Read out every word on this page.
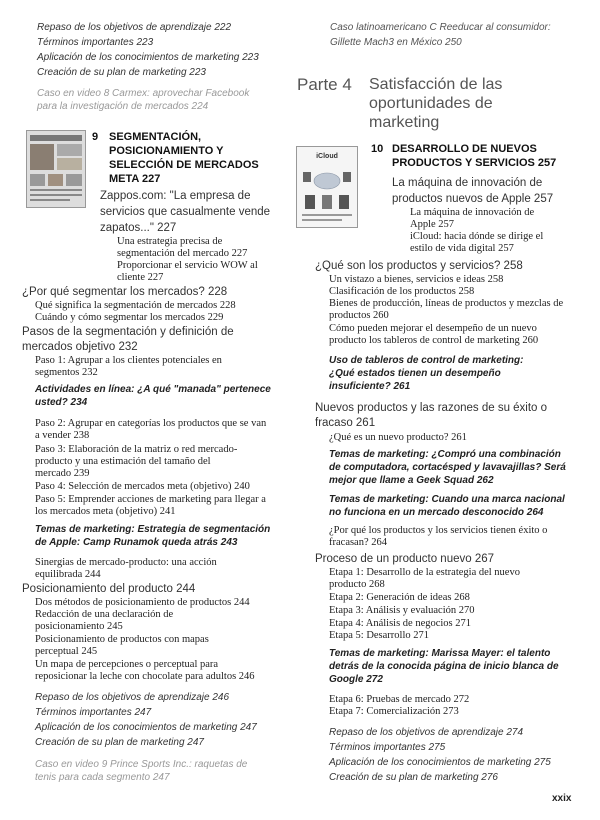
Repaso de los objetivos de aprendizaje 222
Términos importantes 223
Aplicación de los conocimientos de marketing 223
Creación de su plan de marketing 223
Caso en video 8 Carmex: aprovechar Facebook
para la investigación de mercados 224
9 SEGMENTACIÓN,
POSICIONAMIENTO Y
SELECCIÓN DE MERCADOS
META 227
Zappos.com: "La empresa de
servicios que casualmente vende
zapatos..." 227
Una estrategia precisa de
segmentación del mercado 227
Proporcionar el servicio WOW al
cliente 227
¿Por qué segmentar los mercados? 228
Qué significa la segmentación de mercados 228
Cuándo y cómo segmentar los mercados 229
Pasos de la segmentación y definición de
mercados objetivo 232
Paso 1: Agrupar a los clientes potenciales en
segmentos 232
Actividades en línea: ¿A qué "manada" pertenece
usted? 234
Paso 2: Agrupar en categorías los productos que se van
a vender 238
Paso 3: Elaboración de la matriz o red mercado-
producto y una estimación del tamaño del
mercado 239
Paso 4: Selección de mercados meta (objetivo) 240
Paso 5: Emprender acciones de marketing para llegar a
los mercados meta (objetivo) 241
Temas de marketing: Estrategia de segmentación
de Apple: Camp Runamok queda atrás 243
Sinergias de mercado-producto: una acción
equilibrada 244
Posicionamiento del producto 244
Dos métodos de posicionamiento de productos 244
Redacción de una declaración de
posicionamiento 245
Posicionamiento de productos con mapas
perceptual 245
Un mapa de percepciones o perceptual para
reposicionar la leche con chocolate para adultos 246
Repaso de los objetivos de aprendizaje 246
Términos importantes 247
Aplicación de los conocimientos de marketing 247
Creación de su plan de marketing 247
Caso en video 9 Prince Sports Inc.: raquetas de
tenis para cada segmento 247
Caso latinoamericano C Reeducar al consumidor:
Gillette Mach3 en México 250
Parte 4 Satisfacción de las
oportunidades de
marketing
iCloud
10 DESARROLLO DE NUEVOS
PRODUCTOS Y SERVICIOS 257
La máquina de innovación de
productos nuevos de Apple 257
La máquina de innovación de
Apple 257
iCloud: hacia dónde se dirige el
estilo de vida digital 257
¿Qué son los productos y servicios? 258
Un vistazo a bienes, servicios e ideas 258
Clasificación de los productos 258
Bienes de producción, líneas de productos y mezclas de
productos 260
Cómo pueden mejorar el desempeño de un nuevo
producto los tableros de control de marketing 260
Uso de tableros de control de marketing:
¿Qué estados tienen un desempeño
insuficiente? 261
Nuevos productos y las razones de su éxito o
fracaso 261
¿Qué es un nuevo producto? 261
Temas de marketing: ¿Compró una combinación
de computadora, cortacésped y lavavajillas? Será
mejor que llame a Geek Squad 262
Temas de marketing: Cuando una marca nacional
no funciona en un mercado desconocido 264
¿Por qué los productos y los servicios tienen éxito o
fracasan? 264
Proceso de un producto nuevo 267
Etapa 1: Desarrollo de la estrategia del nuevo
producto 268
Etapa 2: Generación de ideas 268
Etapa 3: Análisis y evaluación 270
Etapa 4: Análisis de negocios 271
Etapa 5: Desarrollo 271
Temas de marketing: Marissa Mayer: el talento
detrás de la conocida página de inicio blanca de
Google 272
Etapa 6: Pruebas de mercado 272
Etapa 7: Comercialización 273
Repaso de los objetivos de aprendizaje 274
Términos importantes 275
Aplicación de los conocimientos de marketing 275
Creación de su plan de marketing 276
xxix
